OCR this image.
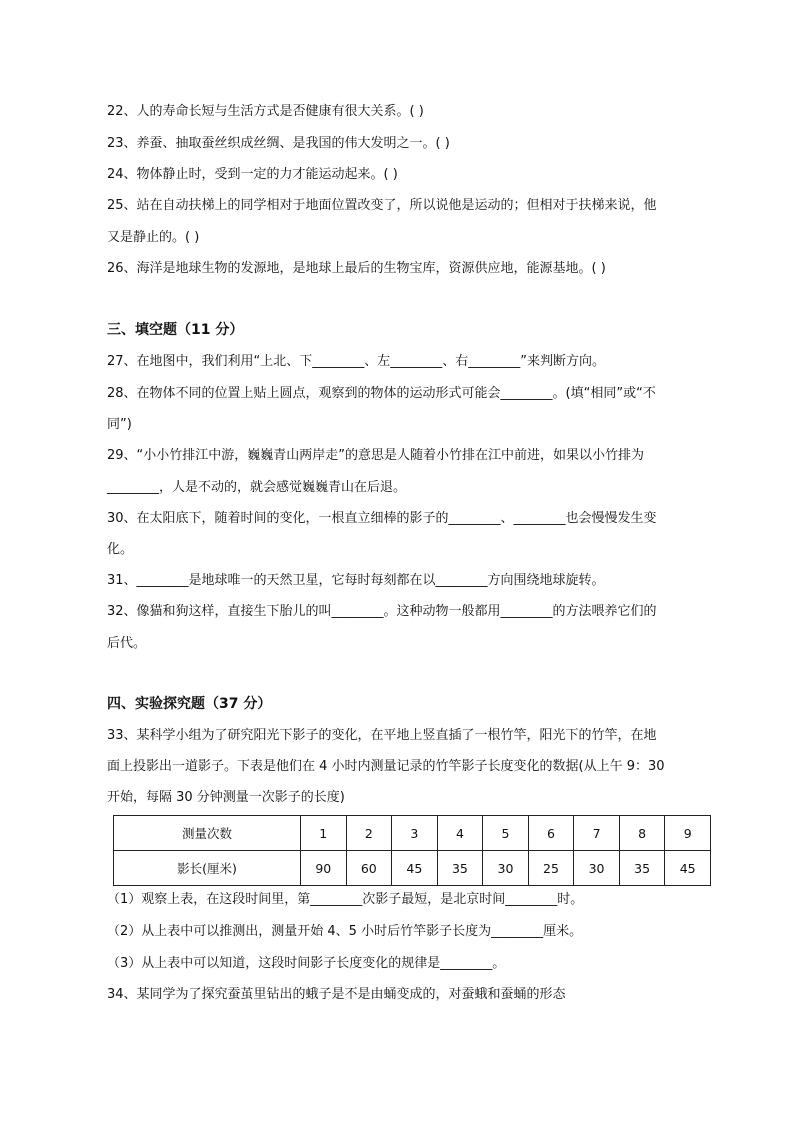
22、人的寿命长短与生活方式是否健康有很大关系。( )
23、养蚕、抽取蚕丝织成丝绸、是我国的伟大发明之一。( )
24、物体静止时，受到一定的力才能运动起来。( )
25、站在自动扶梯上的同学相对于地面位置改变了，所以说他是运动的；但相对于扶梯来说，他
又是静止的。( )
26、海洋是地球生物的发源地，是地球上最后的生物宝库，资源供应地，能源基地。( )
三、填空题（11 分）
27、在地图中，我们利用“上北、下________、左________、右________”来判断方向。
28、在物体不同的位置上贴上圆点，观察到的物体的运动形式可能会________。(填“相同”或“不
同”)
29、“小小竹排江中游，巍巍青山两岸走”的意思是人随着小竹排在江中前进，如果以小竹排为
________，人是不动的，就会感觉巍巍青山在后退。
30、在太阳底下，随着时间的变化，一根直立细棒的影子的________、________也会慢慢发生变
化。
31、________是地球唯一的天然卫星，它每时每刻都在以________方向围绕地球旋转。
32、像猫和狗这样，直接生下胎儿的叫________。这种动物一般都用________的方法喂养它们的
后代。
四、实验探究题（37 分）
33、某科学小组为了研究阳光下影子的变化，在平地上竖直插了一根竹竿，阳光下的竹竿，在地
面上投影出一道影子。下表是他们在 4 小时内测量记录的竹竿影子长度变化的数据(从上午 9：30
开始，每隔 30 分钟测量一次影子的长度)
测量次数	1	2	3	4	5	6	7	8	9
影长(厘米)	90	60	45	35	30	25	30	35	45
（1）观察上表，在这段时间里，第________次影子最短，是北京时间________时。
（2）从上表中可以推测出，测量开始 4、5 小时后竹竿影子长度为________厘米。
（3）从上表中可以知道，这段时间影子长度变化的规律是________。
34、某同学为了探究蚕茧里钻出的蛾子是不是由蛹变成的，对蚕蛾和蚕蛹的形态
